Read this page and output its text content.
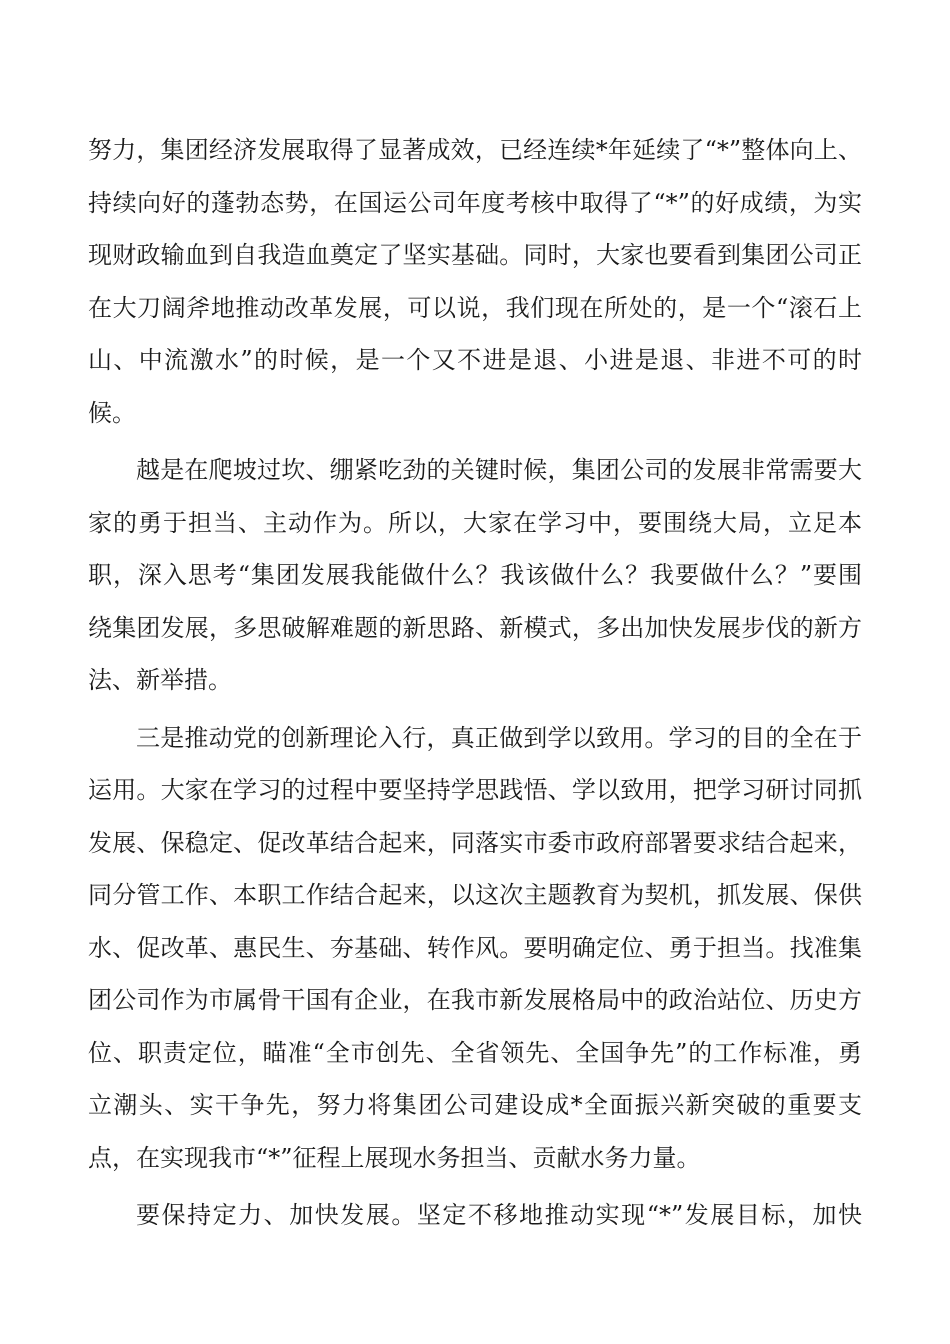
努力，集团经济发展取得了显著成效，已经连续*年延续了“*”整体向上、
持续向好的蓬勃态势，在国运公司年度考核中取得了“*”的好成绩，为实
现财政输血到自我造血奠定了坚实基础。同时，大家也要看到集团公司正
在大刀阔斧地推动改革发展，可以说，我们现在所处的，是一个“滚石上
山、中流激水”的时候，是一个又不进是退、小进是退、非进不可的时
候。
越是在爬坡过坎、绷紧吃劲的关键时候，集团公司的发展非常需要大
家的勇于担当、主动作为。所以，大家在学习中，要围绕大局，立足本
职，深入思考“集团发展我能做什么？我该做什么？我要做什么？”要围
绕集团发展，多思破解难题的新思路、新模式，多出加快发展步伐的新方
法、新举措。
三是推动党的创新理论入行，真正做到学以致用。学习的目的全在于
运用。大家在学习的过程中要坚持学思践悟、学以致用，把学习研讨同抓
发展、保稳定、促改革结合起来，同落实市委市政府部署要求结合起来，
同分管工作、本职工作结合起来，以这次主题教育为契机，抓发展、保供
水、促改革、惠民生、夯基础、转作风。要明确定位、勇于担当。找准集
团公司作为市属骨干国有企业，在我市新发展格局中的政治站位、历史方
位、职责定位，瞄准“全市创先、全省领先、全国争先”的工作标准，勇
立潮头、实干争先，努力将集团公司建设成*全面振兴新突破的重要支
点，在实现我市“*”征程上展现水务担当、贡献水务力量。
要保持定力、加快发展。坚定不移地推动实现“*”发展目标，加快
